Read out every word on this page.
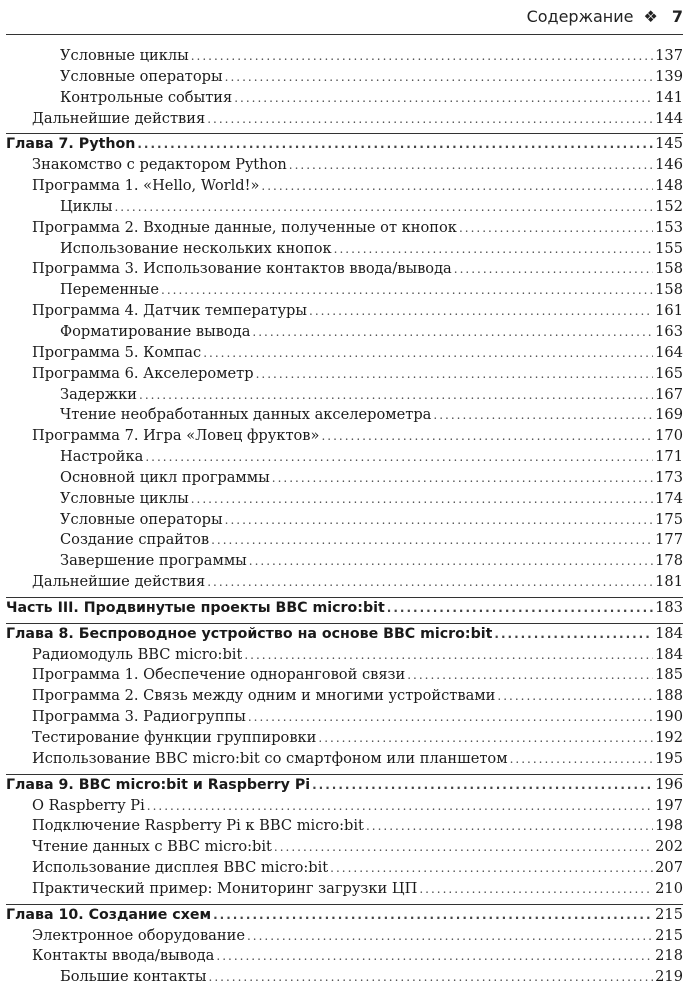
Содержание ❖ 7
Условные циклы .....	137
Условные операторы .....	139
Контрольные события .....	141
Дальнейшие действия .....	144
Глава 7. Python .....	145
Знакомство с редактором Python .....	146
Программа 1. «Hello, World!» .....	148
Циклы .....	152
Программа 2. Входные данные, полученные от кнопок .....	153
Использование нескольких кнопок .....	155
Программа 3. Использование контактов ввода/вывода .....	158
Переменные .....	158
Программа 4. Датчик температуры .....	161
Форматирование вывода .....	163
Программа 5. Компас .....	164
Программа 6. Акселерометр .....	165
Задержки .....	167
Чтение необработанных данных акселерометра .....	169
Программа 7. Игра «Ловец фруктов» .....	170
Настройка .....	171
Основной цикл программы .....	173
Условные циклы .....	174
Условные операторы .....	175
Создание спрайтов .....	177
Завершение программы .....	178
Дальнейшие действия .....	181
Часть III. Продвинутые проекты BBC micro:bit .....	183
Глава 8. Беспроводное устройство на основе BBC micro:bit .....	184
Радиомодуль BBC micro:bit .....	184
Программа 1. Обеспечение одноранговой связи .....	185
Программа 2. Связь между одним и многими устройствами .....	188
Программа 3. Радиогруппы .....	190
Тестирование функции группировки .....	192
Использование BBC micro:bit со смартфоном или планшетом .....	195
Глава 9. BBC micro:bit и Raspberry Pi .....	196
О Raspberry Pi .....	197
Подключение Raspberry Pi к BBC micro:bit .....	198
Чтение данных с BBC micro:bit .....	202
Использование дисплея BBC micro:bit .....	207
Практический пример: Мониторинг загрузки ЦП .....	210
Глава 10. Создание схем .....	215
Электронное оборудование .....	215
Контакты ввода/вывода .....	218
Большие контакты .....	219
